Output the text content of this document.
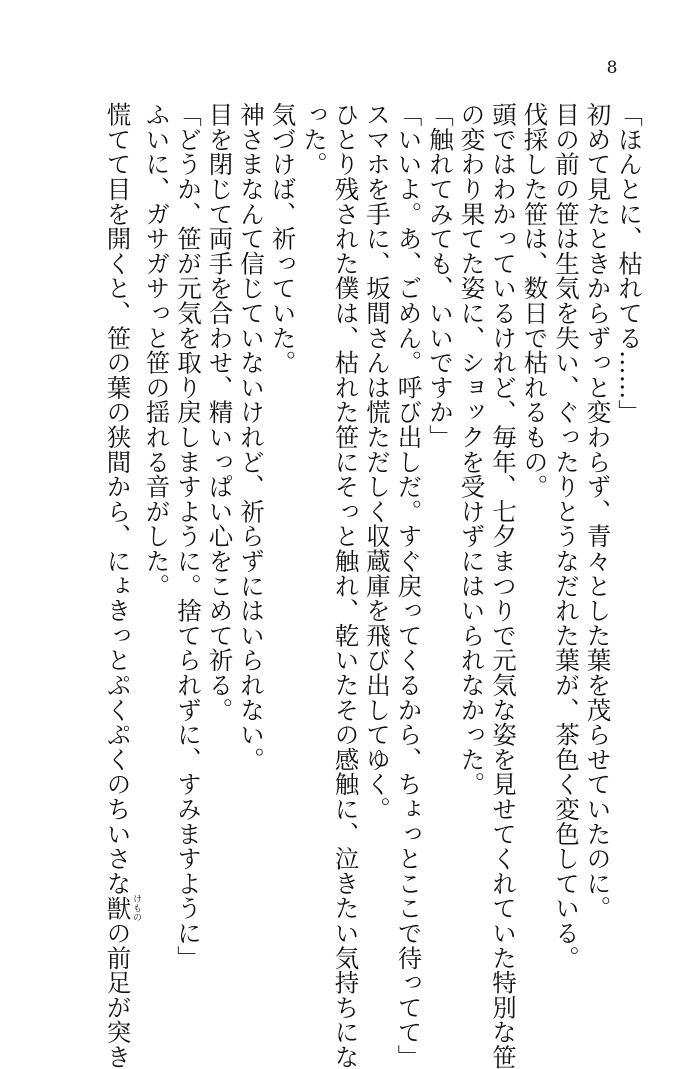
8
「ほんとに、枯れてる……」
初めて見たときからずっと変わらず、青々とした葉を茂らせていたのに。
目の前の笹は生気を失い、ぐったりとうなだれた葉が、茶色く変色している。
伐採した笹は、数日で枯れるもの。
頭ではわかっているけれど、毎年、七夕まつりで元気な姿を見せてくれていた特別な笹
の変わり果てた姿に、ショックを受けずにはいられなかった。
「触れてみても、いいですか」
「いいよ。あ、ごめん。呼び出しだ。すぐ戻ってくるから、ちょっとここで待ってて」
スマホを手に、坂間さんは慌ただしく収蔵庫を飛び出してゆく。
ひとり残された僕は、枯れた笹にそっと触れ、乾いたその感触に、泣きたい気持ちにな
った。
気づけば、祈っていた。
神さまなんて信じていないけれど、祈らずにはいられない。
目を閉じて両手を合わせ、精いっぱい心をこめて祈る。
「どうか、笹が元気を取り戻しますように。捨てられずに、すみますように」
ふいに、ガサガサっと笹の揺れる音がした。
慌てて目を開くと、笹の葉の狭間から、にょきっとぷくぷくのちいさな獣けものの前足が突き
